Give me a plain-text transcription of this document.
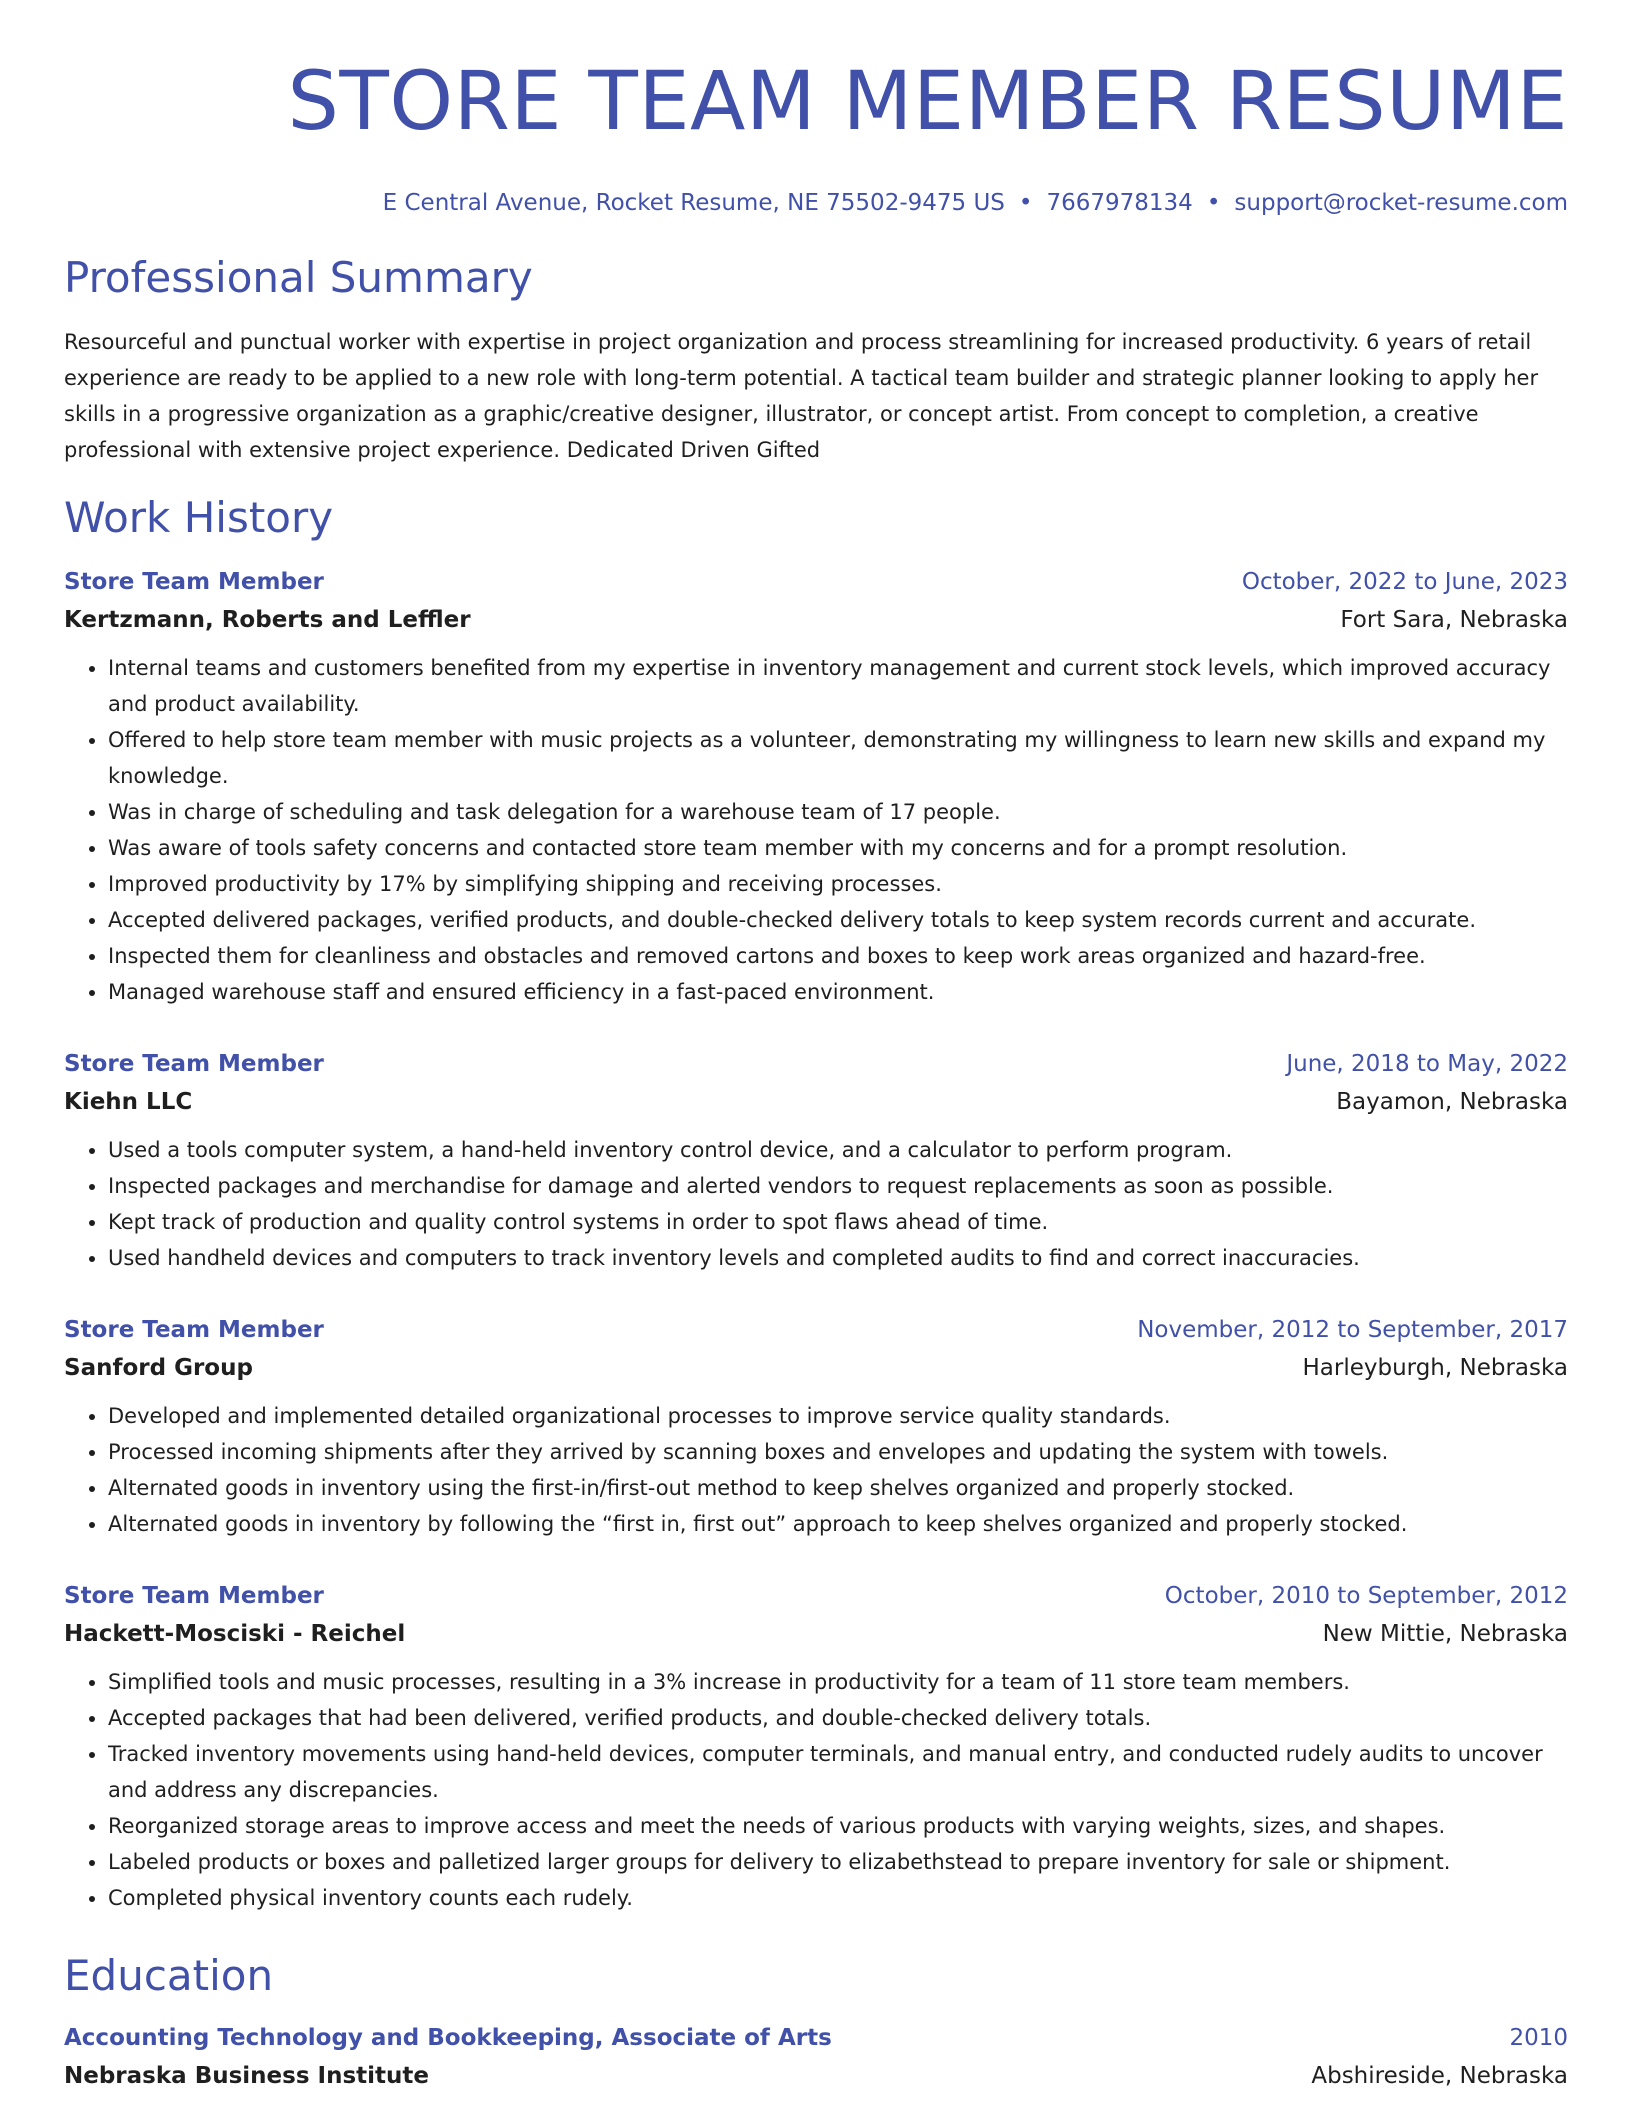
STORE TEAM MEMBER RESUME
E Central Avenue, Rocket Resume, NE 75502-9475 US • 7667978134 • support@rocket-resume.com
Professional Summary
Resourceful and punctual worker with expertise in project organization and process streamlining for increased productivity. 6 years of retail experience are ready to be applied to a new role with long-term potential. A tactical team builder and strategic planner looking to apply her skills in a progressive organization as a graphic/creative designer, illustrator, or concept artist. From concept to completion, a creative professional with extensive project experience. Dedicated Driven Gifted
Work History
Store Team Member	October, 2022 to June, 2023
Kertzmann, Roberts and Leffler	Fort Sara, Nebraska
• Internal teams and customers benefited from my expertise in inventory management and current stock levels, which improved accuracy and product availability.
• Offered to help store team member with music projects as a volunteer, demonstrating my willingness to learn new skills and expand my knowledge.
• Was in charge of scheduling and task delegation for a warehouse team of 17 people.
• Was aware of tools safety concerns and contacted store team member with my concerns and for a prompt resolution.
• Improved productivity by 17% by simplifying shipping and receiving processes.
• Accepted delivered packages, verified products, and double-checked delivery totals to keep system records current and accurate.
• Inspected them for cleanliness and obstacles and removed cartons and boxes to keep work areas organized and hazard-free.
• Managed warehouse staff and ensured efficiency in a fast-paced environment.
Store Team Member	June, 2018 to May, 2022
Kiehn LLC	Bayamon, Nebraska
• Used a tools computer system, a hand-held inventory control device, and a calculator to perform program.
• Inspected packages and merchandise for damage and alerted vendors to request replacements as soon as possible.
• Kept track of production and quality control systems in order to spot flaws ahead of time.
• Used handheld devices and computers to track inventory levels and completed audits to find and correct inaccuracies.
Store Team Member	November, 2012 to September, 2017
Sanford Group	Harleyburgh, Nebraska
• Developed and implemented detailed organizational processes to improve service quality standards.
• Processed incoming shipments after they arrived by scanning boxes and envelopes and updating the system with towels.
• Alternated goods in inventory using the first-in/first-out method to keep shelves organized and properly stocked.
• Alternated goods in inventory by following the “first in, first out” approach to keep shelves organized and properly stocked.
Store Team Member	October, 2010 to September, 2012
Hackett-Mosciski - Reichel	New Mittie, Nebraska
• Simplified tools and music processes, resulting in a 3% increase in productivity for a team of 11 store team members.
• Accepted packages that had been delivered, verified products, and double-checked delivery totals.
• Tracked inventory movements using hand-held devices, computer terminals, and manual entry, and conducted rudely audits to uncover and address any discrepancies.
• Reorganized storage areas to improve access and meet the needs of various products with varying weights, sizes, and shapes.
• Labeled products or boxes and palletized larger groups for delivery to elizabethstead to prepare inventory for sale or shipment.
• Completed physical inventory counts each rudely.
Education
Accounting Technology and Bookkeeping, Associate of Arts	2010
Nebraska Business Institute	Abshireside, Nebraska
